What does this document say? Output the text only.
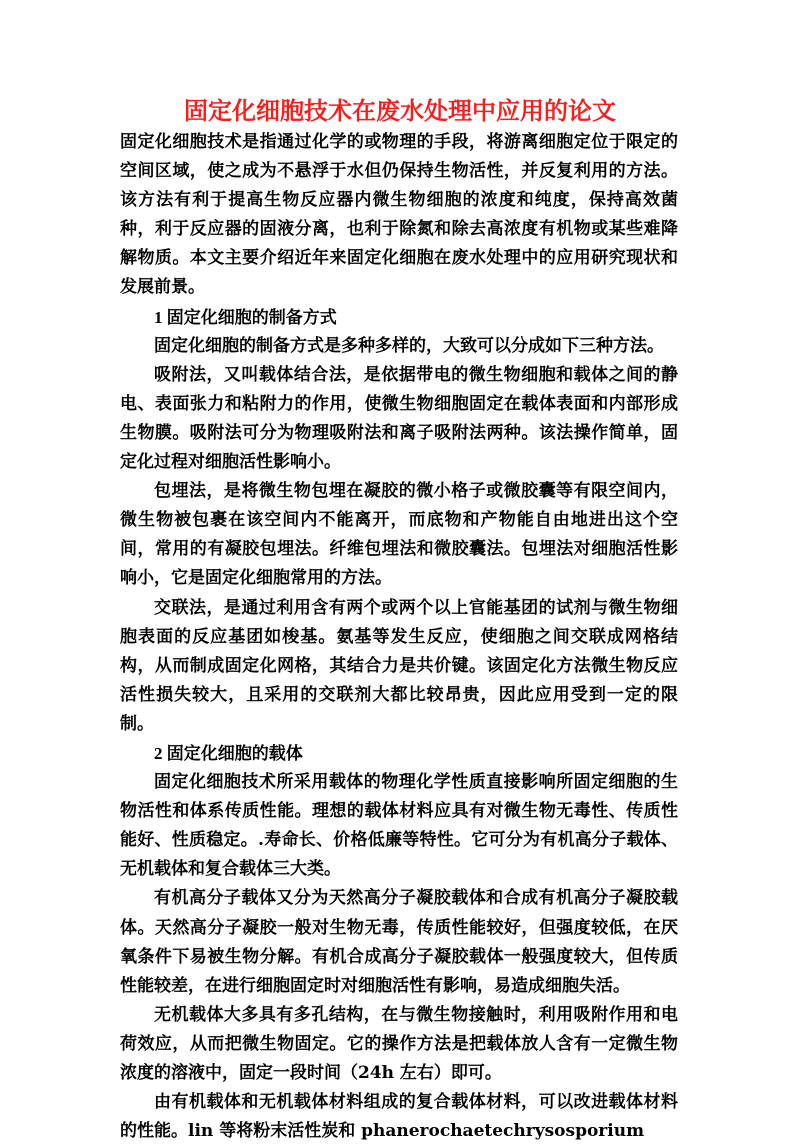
固定化细胞技术在废水处理中应用的论文

固定化细胞技术是指通过化学的或物理的手段，将游离细胞定位于限定的空间区域，使之成为不悬浮于水但仍保持生物活性，并反复利用的方法。该方法有利于提高生物反应器内微生物细胞的浓度和纯度，保持高效菌种，利于反应器的固液分离，也利于除氮和除去高浓度有机物或某些难降解物质。本文主要介绍近年来固定化细胞在废水处理中的应用研究现状和发展前景。

1 固定化细胞的制备方式

固定化细胞的制备方式是多种多样的，大致可以分成如下三种方法。

吸附法，又叫载体结合法，是依据带电的微生物细胞和载体之间的静电、表面张力和粘附力的作用，使微生物细胞固定在载体表面和内部形成生物膜。吸附法可分为物理吸附法和离子吸附法两种。该法操作简单，固定化过程对细胞活性影响小。

包埋法，是将微生物包埋在凝胶的微小格子或微胶囊等有限空间内，微生物被包裹在该空间内不能离开，而底物和产物能自由地进出这个空间，常用的有凝胶包埋法。纤维包埋法和微胶囊法。包埋法对细胞活性影响小，它是固定化细胞常用的方法。

交联法，是通过利用含有两个或两个以上官能基团的试剂与微生物细胞表面的反应基团如梭基。氨基等发生反应，使细胞之间交联成网格结构，从而制成固定化网格，其结合力是共价键。该固定化方法微生物反应活性损失较大，且采用的交联剂大都比较昂贵，因此应用受到一定的限制。

2 固定化细胞的载体

固定化细胞技术所采用载体的物理化学性质直接影响所固定细胞的生物活性和体系传质性能。理想的载体材料应具有对微生物无毒性、传质性能好、性质稳定。.寿命长、价格低廉等特性。它可分为有机高分子载体、无机载体和复合载体三大类。

有机高分子载体又分为天然高分子凝胶载体和合成有机高分子凝胶载体。天然高分子凝胶一般对生物无毒，传质性能较好，但强度较低，在厌氧条件下易被生物分解。有机合成高分子凝胶载体一般强度较大，但传质性能较差，在进行细胞固定时对细胞活性有影响，易造成细胞失活。

无机载体大多具有多孔结构，在与微生物接触时，利用吸附作用和电荷效应，从而把微生物固定。它的操作方法是把载体放人含有一定微生物浓度的溶液中，固定一段时间（24h 左右）即可。

由有机载体和无机载体材料组成的复合载体材料，可以改进载体材料的性能。lin 等将粉末活性炭和 phanerochaetechrysosporium
